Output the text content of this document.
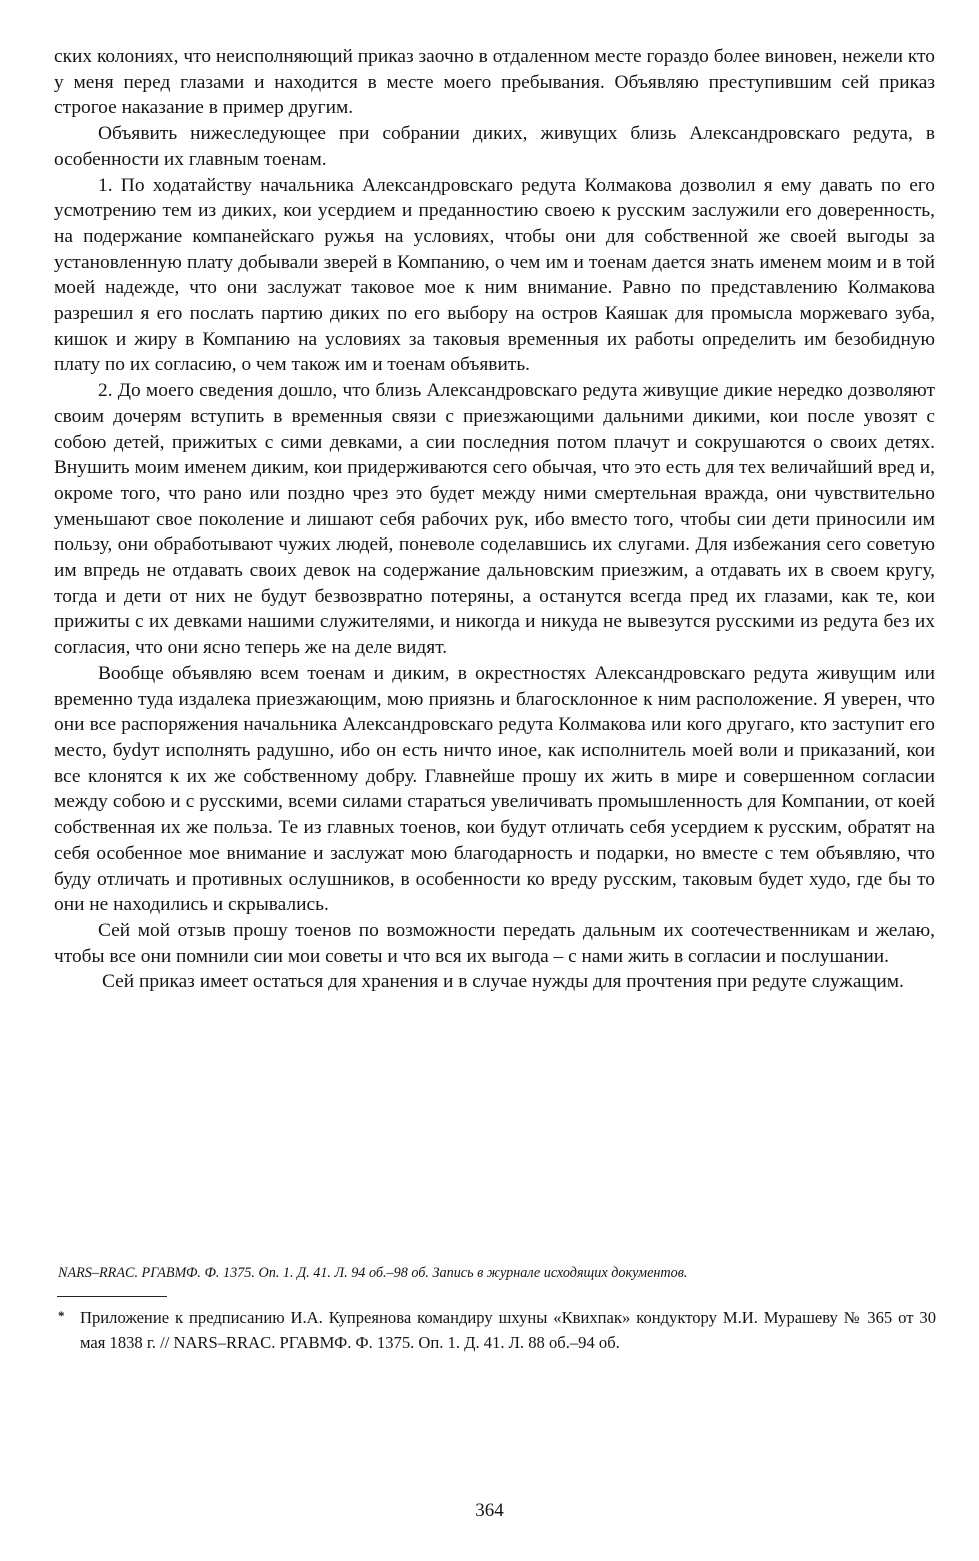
ских колониях, что неисполняющий приказ заочно в отдаленном месте гораздо более виновен, нежели кто у меня перед глазами и находится в месте моего пребывания. Объявляю преступившим сей приказ строгое наказание в пример другим.

Объявить нижеследующее при собрании диких, живущих близь Александровскаго редута, в особенности их главным тоенам.

1. По ходатайству начальника Александровскаго редута Колмакова дозволил я ему давать по его усмотрению тем из диких, кои усердием и преданностию своею к русским заслужили его доверенность, на подержание компанейскаго ружья на условиях, чтобы они для собственной же своей выгоды за установленную плату добывали зверей в Компанию, о чем им и тоенам дается знать именем моим и в той моей надежде, что они заслужат таковое мое к ним внимание. Равно по представлению Колмакова разрешил я его послать партию диких по его выбору на остров Каяшак для промысла моржеваго зуба, кишок и жиру в Компанию на условиях за таковыя временныя их работы определить им безобидную плату по их согласию, о чем також им и тоенам объявить.

2. До моего сведения дошло, что близь Александровскаго редута живущие дикие нередко дозволяют своим дочерям вступить в временныя связи с приезжающими дальними дикими, кои после увозят с собою детей, прижитых с сими девками, а сии последния потом плачут и сокрушаются о своих детях. Внушить моим именем диким, кои придерживаются сего обычая, что это есть для тех величайший вред и, окроме того, что рано или поздно чрез это будет между ними смертельная вражда, они чувствительно уменьшают свое поколение и лишают себя рабочих рук, ибо вместо того, чтобы сии дети приносили им пользу, они обработывают чужих людей, поневоле соделавшись их слугами. Для избежания сего советую им впредь не отдавать своих девок на содержание дальновским приезжим, а отдавать их в своем кругу, тогда и дети от них не будут безвозвратно потеряны, а останутся всегда пред их глазами, как те, кои прижиты с их девками нашими служителями, и никогда и никуда не вывезутся русскими из редута без их согласия, что они ясно теперь же на деле видят.

Вообще объявляю всем тоенам и диким, в окрестностях Александровскаго редута живущим или временно туда издалека приезжающим, мою приязнь и благосклонное к ним расположение. Я уверен, что они все распоряжения начальника Александровскаго редута Колмакова или кого другаго, кто заступит его место, буdут исполнять радушно, ибо он есть ничто иное, как исполнитель моей воли и приказаний, кои все клонятся к их же собственному добру. Главнейше прошу их жить в мире и совершенном согласии между собою и с русскими, всеми силами стараться увеличивать промышленность для Компании, от коей собственная их же польза. Те из главных тоенов, кои будут отличать себя усердием к русским, обратят на себя особенное мое внимание и заслужат мою благодарность и подарки, но вместе с тем объявляю, что буду отличать и противных ослушников, в особенности ко вреду русским, таковым будет худо, где бы то они не находились и скрывались.

Сей мой отзыв прошу тоенов по возможности передать дальным их соотечественникам и желаю, чтобы все они помнили сии мои советы и что вся их выгода – с нами жить в согласии и послушании.

Сей приказ имеет остаться для хранения и в случае нужды для прочтения при редуте служащим.

NARS–RRAC. РГАВМФ. Ф. 1375. Оп. 1. Д. 41. Л. 94 об.–98 об. Запись в журнале исходящих документов.
* Приложение к предписанию И.А. Купреянова командиру шхуны «Квихпак» кондуктору М.И. Мурашеву № 365 от 30 мая 1838 г. // NARS–RRAC. РГАВМФ. Ф. 1375. Оп. 1. Д. 41. Л. 88 об.–94 об.
364
